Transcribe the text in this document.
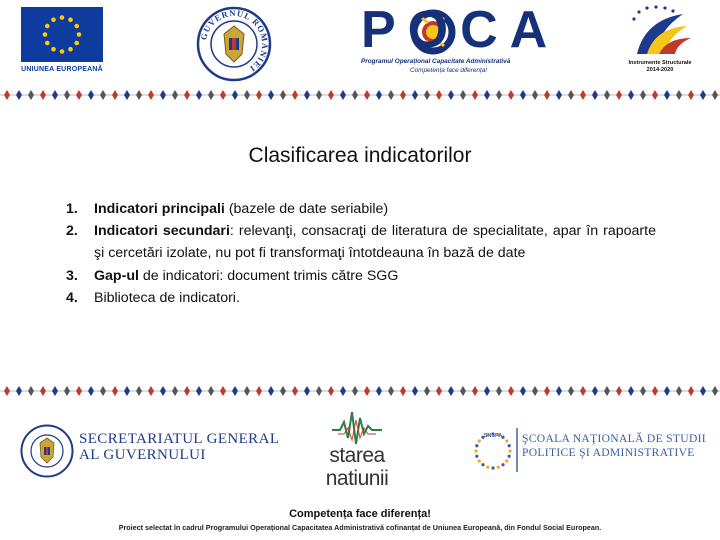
UNIUNEA EUROPEANĂ
GUVERNUL ROMÂNIEI
POCA
Programul Operațional Capacitate Administrativă
Competența face diferența!
Instrumente Structurale
2014-2020
Clasificarea indicatorilor
1. Indicatori principali (bazele de date seriabile)
2. Indicatori secundari: relevanţi, consacraţi de literatura de specialitate, apar în rapoarte şi cercetări izolate, nu pot fi transformaţi întotdeauna în bază de date
3. Gap-ul de indicatori: document trimis către SGG
4. Biblioteca de indicatori.
SECRETARIATUL GENERAL
AL GUVERNULUI	starea
natiunii
SNSPA ŞCOALA NAŢIONALĂ DE STUDII
POLITICE ŞI ADMINISTRATIVE
Competența face diferența!
Proiect selectat în cadrul Programului Operațional Capacitatea Administrativă cofinanțat de Uniunea Europeană, din Fondul Social European.
